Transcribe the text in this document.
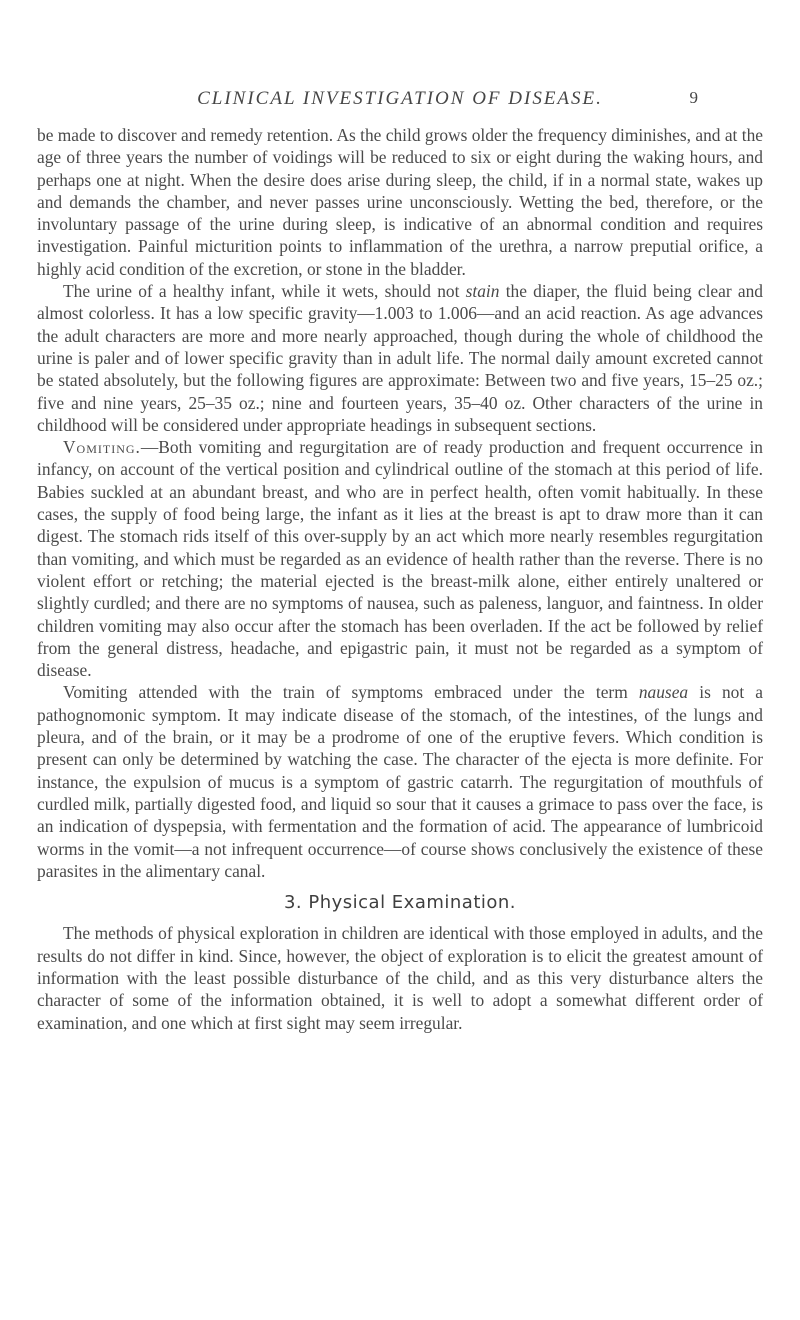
CLINICAL INVESTIGATION OF DISEASE.	9

be made to discover and remedy retention. As the child grows older the frequency diminishes, and at the age of three years the number of voidings will be reduced to six or eight during the waking hours, and perhaps one at night. When the desire does arise during sleep, the child, if in a normal state, wakes up and demands the chamber, and never passes urine unconsciously. Wetting the bed, therefore, or the involuntary passage of the urine during sleep, is indicative of an abnormal condition and requires investigation. Painful micturition points to inflammation of the urethra, a narrow preputial orifice, a highly acid condition of the excretion, or stone in the bladder.

The urine of a healthy infant, while it wets, should not stain the diaper, the fluid being clear and almost colorless. It has a low specific gravity—1.003 to 1.006—and an acid reaction. As age advances the adult characters are more and more nearly approached, though during the whole of childhood the urine is paler and of lower specific gravity than in adult life. The normal daily amount excreted cannot be stated absolutely, but the following figures are approximate: Between two and five years, 15–25 oz.; five and nine years, 25–35 oz.; nine and fourteen years, 35–40 oz. Other characters of the urine in childhood will be considered under appropriate headings in subsequent sections.

Vomiting.—Both vomiting and regurgitation are of ready production and frequent occurrence in infancy, on account of the vertical position and cylindrical outline of the stomach at this period of life. Babies suckled at an abundant breast, and who are in perfect health, often vomit habitually. In these cases, the supply of food being large, the infant as it lies at the breast is apt to draw more than it can digest. The stomach rids itself of this over-supply by an act which more nearly resembles regurgitation than vomiting, and which must be regarded as an evidence of health rather than the reverse. There is no violent effort or retching; the material ejected is the breast-milk alone, either entirely unaltered or slightly curdled; and there are no symptoms of nausea, such as paleness, languor, and faintness. In older children vomiting may also occur after the stomach has been overladen. If the act be followed by relief from the general distress, headache, and epigastric pain, it must not be regarded as a symptom of disease.

Vomiting attended with the train of symptoms embraced under the term nausea is not a pathognomonic symptom. It may indicate disease of the stomach, of the intestines, of the lungs and pleura, and of the brain, or it may be a prodrome of one of the eruptive fevers. Which condition is present can only be determined by watching the case. The character of the ejecta is more definite. For instance, the expulsion of mucus is a symptom of gastric catarrh. The regurgitation of mouthfuls of curdled milk, partially digested food, and liquid so sour that it causes a grimace to pass over the face, is an indication of dyspepsia, with fermentation and the formation of acid. The appearance of lumbricoid worms in the vomit—a not infrequent occurrence—of course shows conclusively the existence of these parasites in the alimentary canal.

3. Physical Examination.

The methods of physical exploration in children are identical with those employed in adults, and the results do not differ in kind. Since, however, the object of exploration is to elicit the greatest amount of information with the least possible disturbance of the child, and as this very disturbance alters the character of some of the information obtained, it is well to adopt a somewhat different order of examination, and one which at first sight may seem irregular.
